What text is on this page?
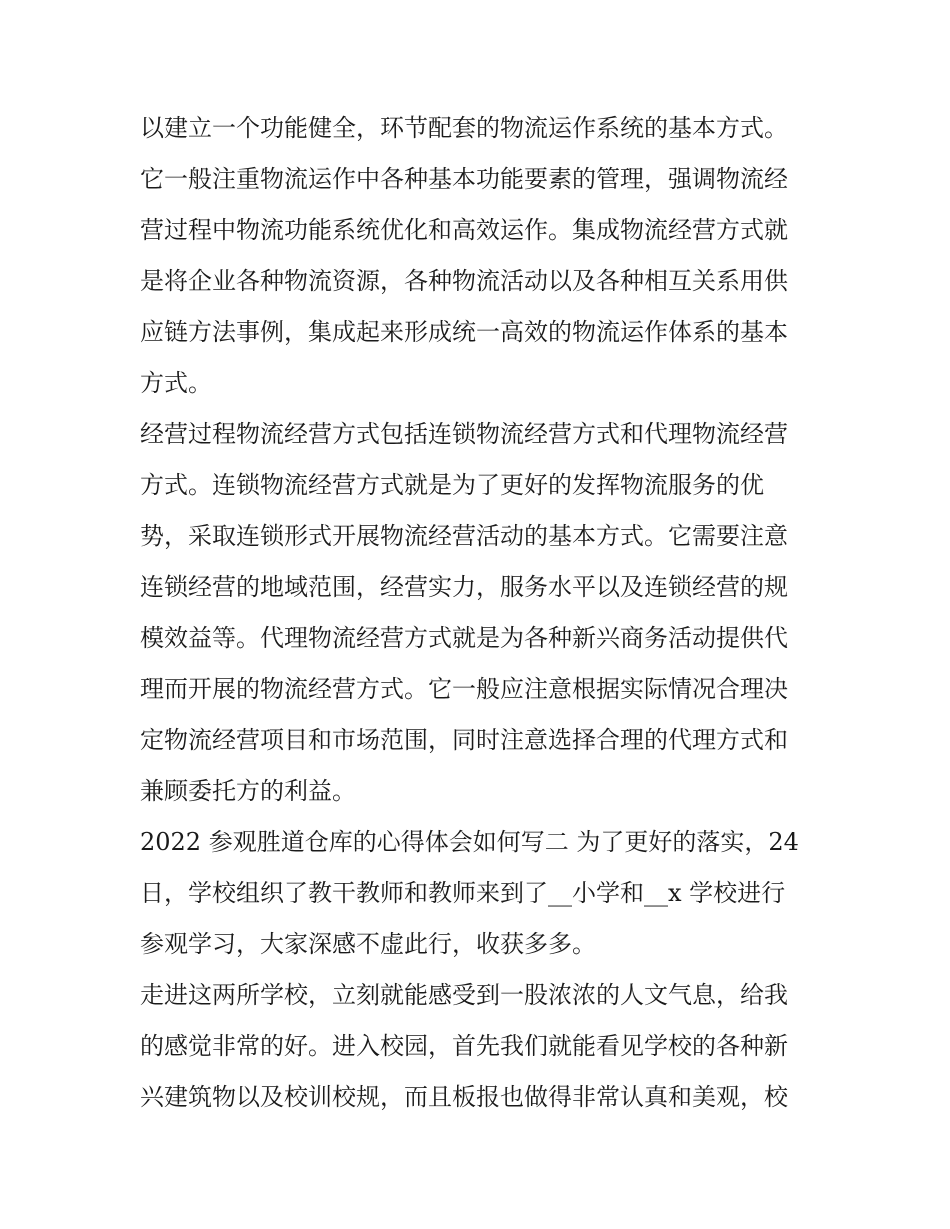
以建立一个功能健全，环节配套的物流运作系统的基本方式。
它一般注重物流运作中各种基本功能要素的管理，强调物流经
营过程中物流功能系统优化和高效运作。集成物流经营方式就
是将企业各种物流资源，各种物流活动以及各种相互关系用供
应链方法事例，集成起来形成统一高效的物流运作体系的基本
方式。
经营过程物流经营方式包括连锁物流经营方式和代理物流经营
方式。连锁物流经营方式就是为了更好的发挥物流服务的优
势，采取连锁形式开展物流经营活动的基本方式。它需要注意
连锁经营的地域范围，经营实力，服务水平以及连锁经营的规
模效益等。代理物流经营方式就是为各种新兴商务活动提供代
理而开展的物流经营方式。它一般应注意根据实际情况合理决
定物流经营项目和市场范围，同时注意选择合理的代理方式和
兼顾委托方的利益。
2022 参观胜道仓库的心得体会如何写二 为了更好的落实，24
日，学校组织了教干教师和教师来到了__小学和__x 学校进行
参观学习，大家深感不虚此行，收获多多。
走进这两所学校，立刻就能感受到一股浓浓的人文气息，给我
的感觉非常的好。进入校园，首先我们就能看见学校的各种新
兴建筑物以及校训校规，而且板报也做得非常认真和美观，校
